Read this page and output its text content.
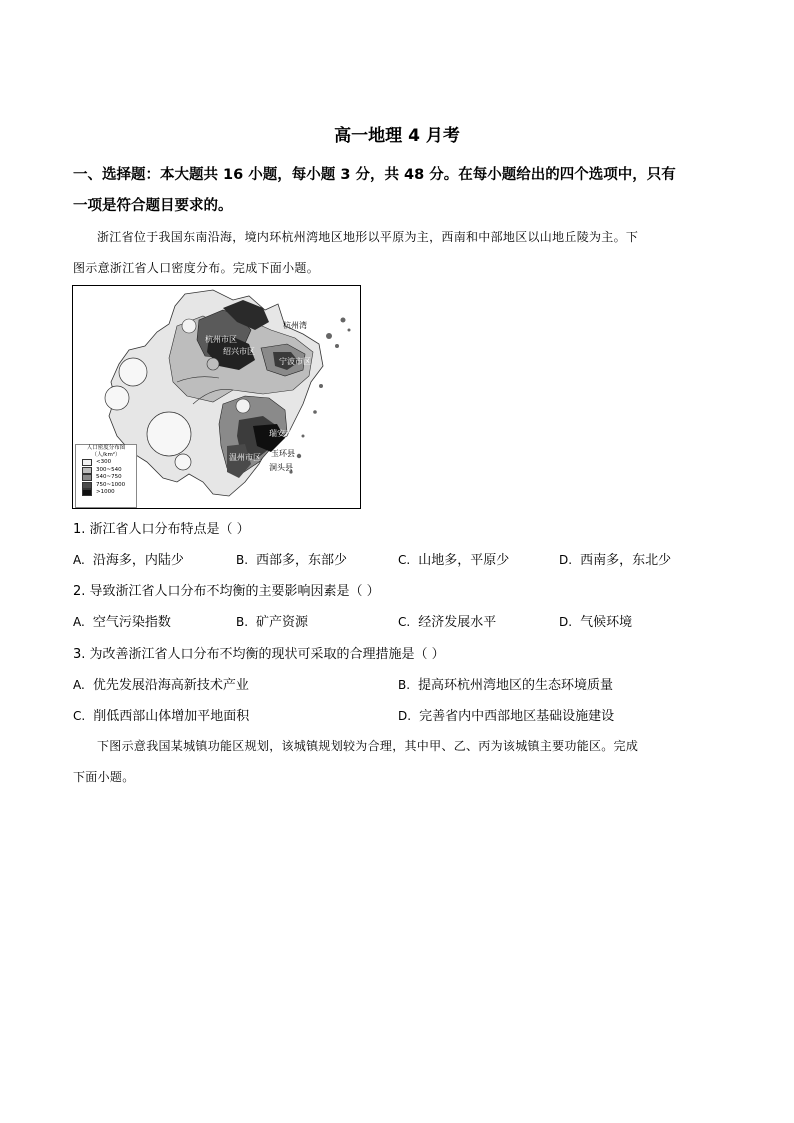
高一地理 4 月考
一、选择题：本大题共 16 小题，每小题 3 分，共 48 分。在每小题给出的四个选项中，只有
一项是符合题目要求的。
浙江省位于我国东南沿海，境内环杭州湾地区地形以平原为主，西南和中部地区以山地丘陵为主。下
图示意浙江省人口密度分布。完成下面小题。
杭州湾
杭州市区
绍兴市区
宁波市区
温州市区
瑞安市
玉环县
洞头县
人口密度分布图
（人/km²）
<300
300~540
540~750
750~1000
>1000
1. 浙江省人口分布特点是（ ）
A. 沿海多，内陆少	B. 西部多，东部少	C. 山地多，平原少	D. 西南多，东北少
2. 导致浙江省人口分布不均衡的主要影响因素是（ ）
A. 空气污染指数	B. 矿产资源	C. 经济发展水平	D. 气候环境
3. 为改善浙江省人口分布不均衡的现状可采取的合理措施是（ ）
A. 优先发展沿海高新技术产业	B. 提高环杭州湾地区的生态环境质量
C. 削低西部山体增加平地面积	D. 完善省内中西部地区基础设施建设
下图示意我国某城镇功能区规划，该城镇规划较为合理，其中甲、乙、丙为该城镇主要功能区。完成
下面小题。
